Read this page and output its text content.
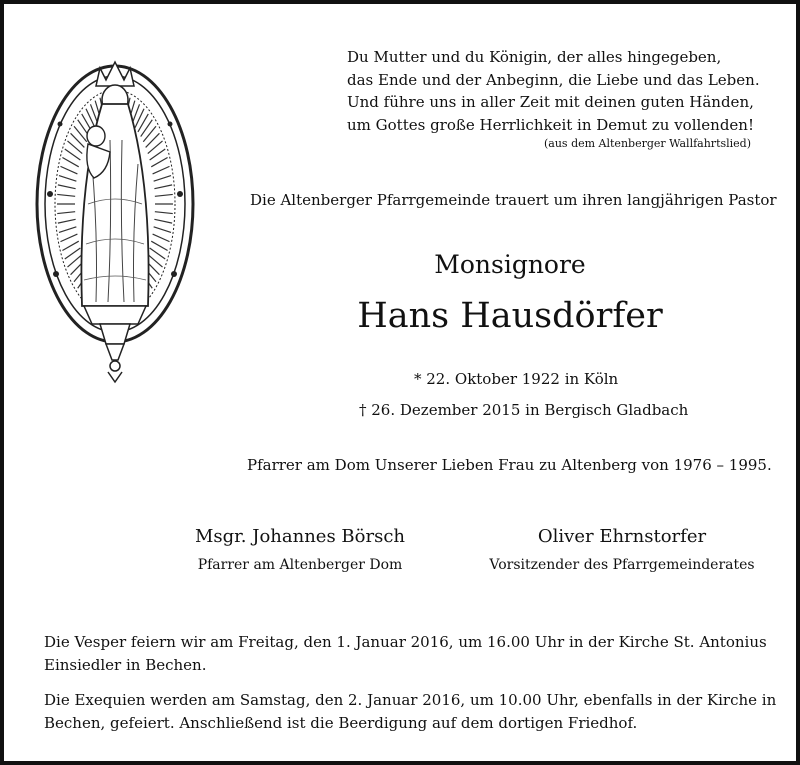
Du Mutter und du Königin, der alles hingegeben,
das Ende und der Anbeginn, die Liebe und das Leben.
Und führe uns in aller Zeit mit deinen guten Händen,
um Gottes große Herrlichkeit in Demut zu vollenden!
(aus dem Altenberger Wallfahrtslied)
Die Altenberger Pfarrgemeinde trauert um ihren langjährigen Pastor
Monsignore
Hans Hausdörfer
* 22. Oktober 1922 in Köln
† 26. Dezember 2015 in Bergisch Gladbach
Pfarrer am Dom Unserer Lieben Frau zu Altenberg von 1976 – 1995.
Msgr. Johannes Börsch
Pfarrer am Altenberger Dom
Oliver Ehrnstorfer
Vorsitzender des Pfarrgemeinderates
Die Vesper feiern wir am Freitag, den 1. Januar 2016, um 16.00 Uhr in der Kirche St. Antonius
Einsiedler in Bechen.
Die Exequien werden am Samstag, den 2. Januar 2016, um 10.00 Uhr, ebenfalls in der Kirche in
Bechen, gefeiert. Anschließend ist die Beerdigung auf dem dortigen Friedhof.
